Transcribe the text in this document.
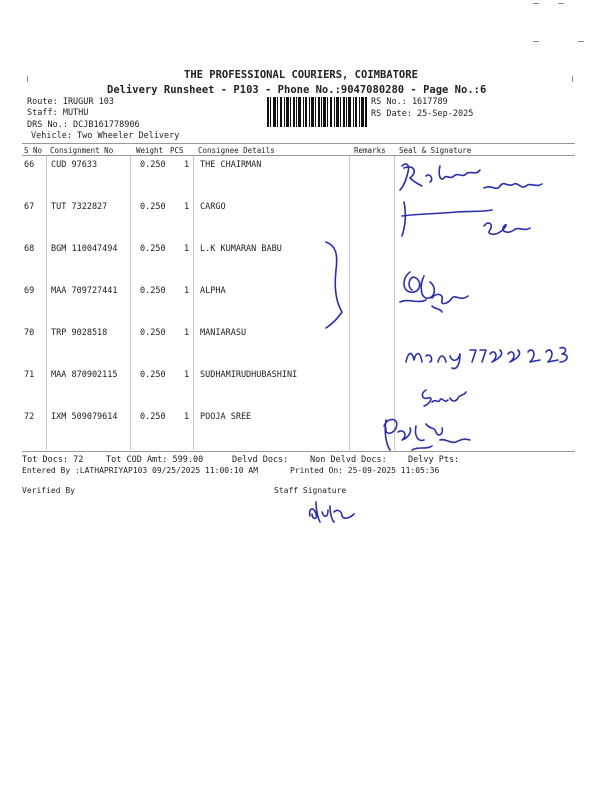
THE PROFESSIONAL COURIERS, COIMBATORE
Delivery Runsheet - P103 - Phone No.:9047080280 - Page No.:6
Route: IRUGUR 103
Staff: MUTHU
DRS No.: DCJB161778906
Vehicle: Two Wheeler Delivery
RS No.: 1617789
RS Date: 25-Sep-2025
S No Consignment No	Weight PCS Consignee Details	Remarks Seal & Signature
66 CUD 97633	0.250 1 THE CHAIRMAN
67 TUT 7322827	0.250 1 CARGO
68 BGM 110047494	0.250 1 L.K KUMARAN BABU
69 MAA 709727441	0.250 1 ALPHA
70 TRP 9028518	0.250 1 MANIARASU
71 MAA 870902115	0.250 1 SUDHAMIRUDHUBASHINI
72 IXM 509079614	0.250 1 POOJA SREE
Tot Docs: 72	Tot COD Amt: 599.00	Delvd Docs:	Non Delvd Docs: Delvy Pts:
Entered By :LATHAPRIYAP103 09/25/2025 11:00:10 AM	Printed On: 25-09-2025 11:05:36
Verified By	Staff Signature
